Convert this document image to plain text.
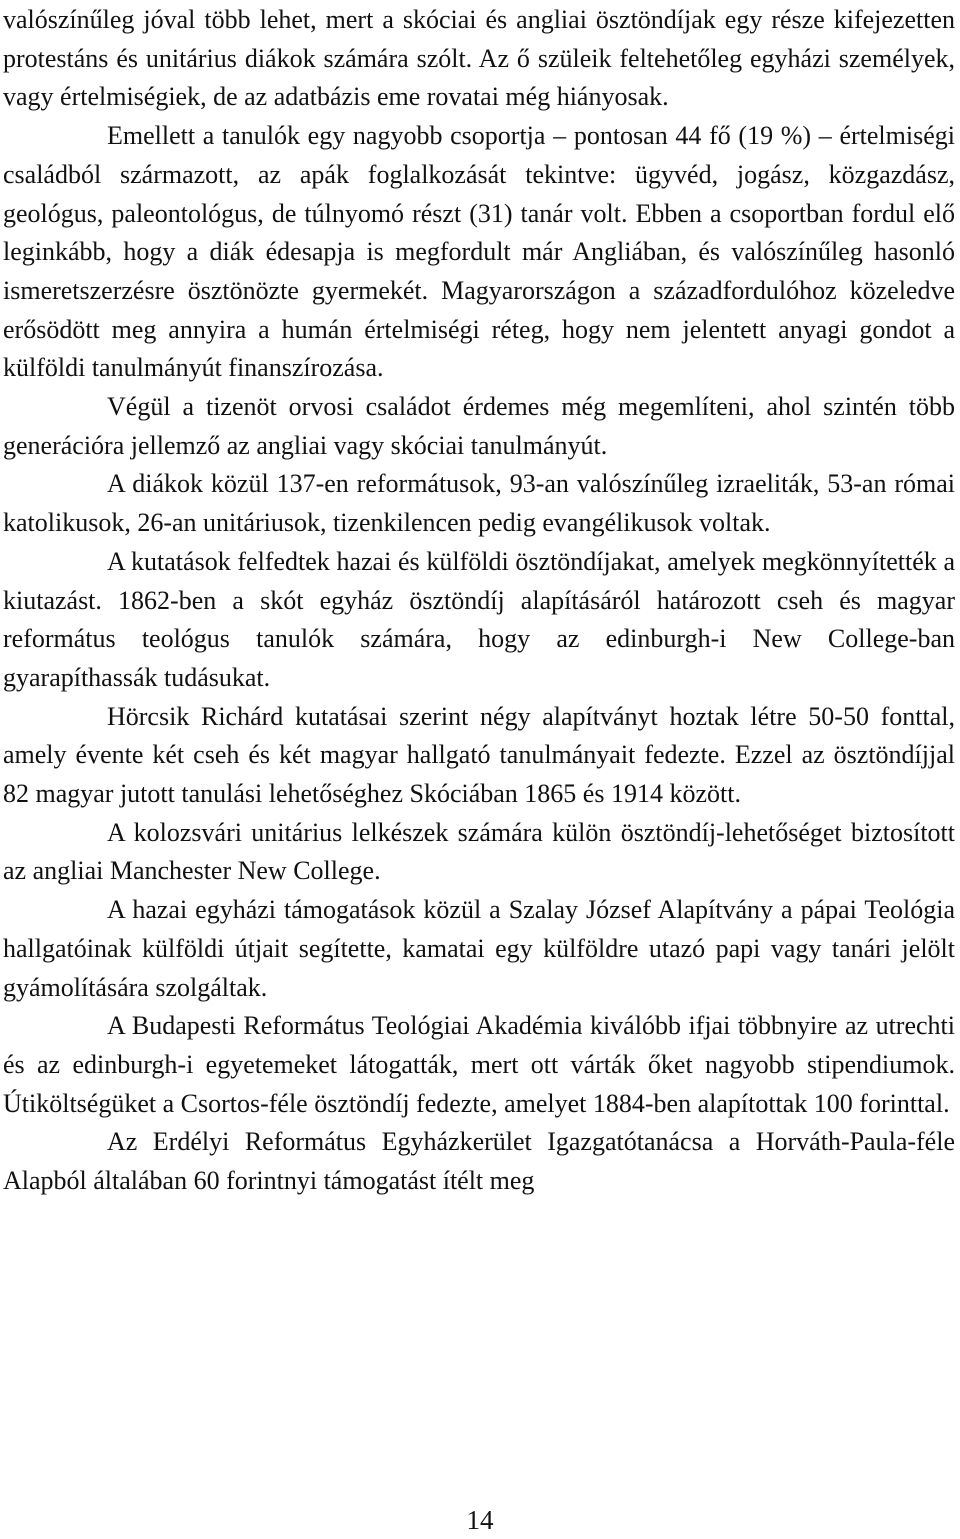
valószínűleg jóval több lehet, mert a skóciai és angliai ösztöndíjak egy része kifejezetten protestáns és unitárius diákok számára szólt. Az ő szüleik feltehetőleg egyházi személyek, vagy értelmiségiek, de az adatbázis eme rovatai még hiányosak.

Emellett a tanulók egy nagyobb csoportja – pontosan 44 fő (19 %) – értelmiségi családból származott, az apák foglalkozását tekintve: ügyvéd, jogász, közgazdász, geológus, paleontológus, de túlnyomó részt (31) tanár volt. Ebben a csoportban fordul elő leginkább, hogy a diák édesapja is megfordult már Angliában, és valószínűleg hasonló ismeretszerzésre ösztönözte gyermekét. Magyarországon a századfordulóhoz közeledve erősödött meg annyira a humán értelmiségi réteg, hogy nem jelentett anyagi gondot a külföldi tanulmányút finanszírozása.

Végül a tizenöt orvosi családot érdemes még megemlíteni, ahol szintén több generációra jellemző az angliai vagy skóciai tanulmányút.

A diákok közül 137-en reformátusok, 93-an valószínűleg izraeliták, 53-an római katolikusok, 26-an unitáriusok, tizenkilencen pedig evangélikusok voltak.

A kutatások felfedtek hazai és külföldi ösztöndíjakat, amelyek megkönnyítették a kiutazást. 1862-ben a skót egyház ösztöndíj alapításáról határozott cseh és magyar református teológus tanulók számára, hogy az edinburgh-i New College-ban gyarapíthassák tudásukat.

Hörcsik Richárd kutatásai szerint négy alapítványt hoztak létre 50-50 fonttal, amely évente két cseh és két magyar hallgató tanulmányait fedezte. Ezzel az ösztöndíjjal 82 magyar jutott tanulási lehetőséghez Skóciában 1865 és 1914 között.

A kolozsvári unitárius lelkészek számára külön ösztöndíj-lehetőséget biztosított az angliai Manchester New College.

A hazai egyházi támogatások közül a Szalay József Alapítvány a pápai Teológia hallgatóinak külföldi útjait segítette, kamatai egy külföldre utazó papi vagy tanári jelölt gyámolítására szolgáltak.

A Budapesti Református Teológiai Akadémia kiválóbb ifjai többnyire az utrechti és az edinburgh-i egyetemeket látogatták, mert ott várták őket nagyobb stipendiumok. Útiköltségüket a Csortos-féle ösztöndíj fedezte, amelyet 1884-ben alapítottak 100 forinttal.

Az Erdélyi Református Egyházkerület Igazgatótanácsa a Horváth-Paula-féle Alapból általában 60 forintnyi támogatást ítélt meg

14
